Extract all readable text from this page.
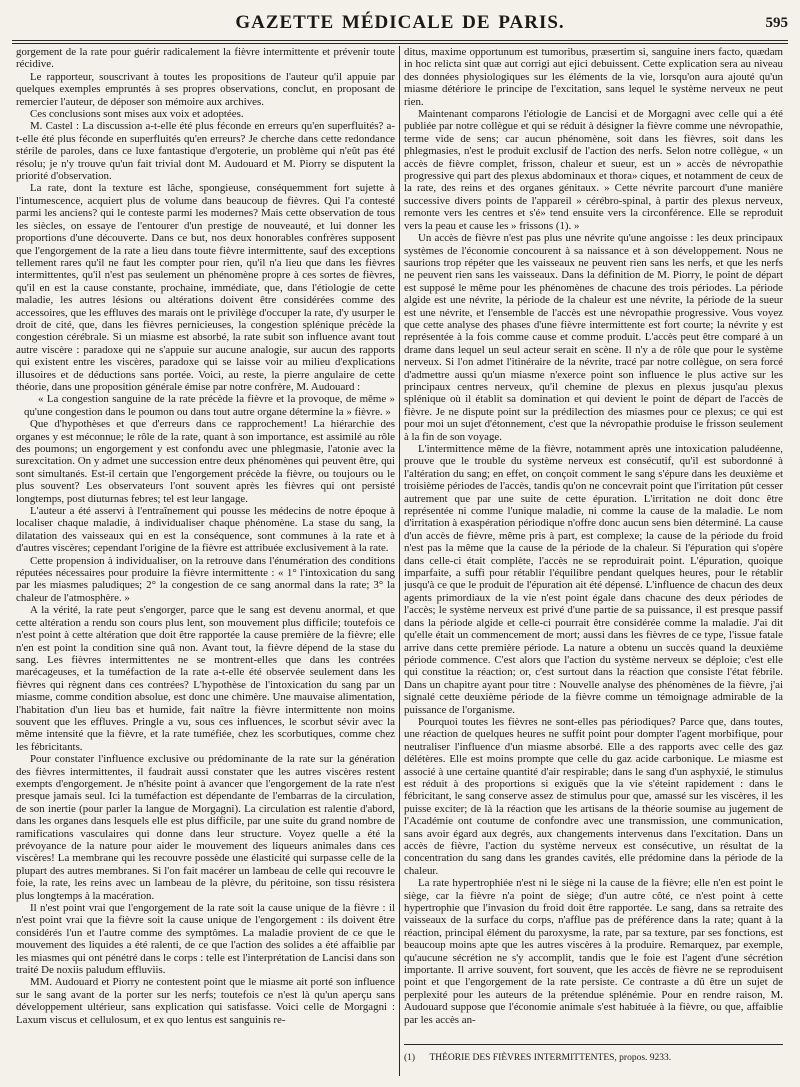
GAZETTE MÉDICALE DE PARIS.	595

gorgement de la rate pour guérir radicalement la fièvre intermittente et prévenir toute récidive.

Le rapporteur, souscrivant à toutes les propositions de l'auteur qu'il appuie par quelques exemples empruntés à ses propres observations, conclut, en proposant de remercier l'auteur, de déposer son mémoire aux archives.

Ces conclusions sont mises aux voix et adoptées.

M. Castel : La discussion a-t-elle été plus féconde en erreurs qu'en superfluités? a-t-elle été plus féconde en superfluités qu'en erreurs? Je cherche dans cette redondance stérile de paroles, dans ce luxe fantastique d'ergoterie, un problème qui n'eût pas été résolu; je n'y trouve qu'un fait trivial dont M. Audouard et M. Piorry se disputent la priorité d'observation.

La rate, dont la texture est lâche, spongieuse, conséquemment fort sujette à l'intumescence, acquiert plus de volume dans beaucoup de fièvres. Qui l'a contesté parmi les anciens? qui le conteste parmi les modernes? Mais cette observation de tous les siècles, on essaye de l'entourer d'un prestige de nouveauté, et lui donner les proportions d'une découverte. Dans ce but, nos deux honorables confrères supposent que l'engorgement de la rate a lieu dans toute fièvre intermittente, sauf des exceptions tellement rares qu'il ne faut les compter pour rien, qu'il n'a lieu que dans les fièvres intermittentes, qu'il n'est pas seulement un phénomène propre à ces sortes de fièvres, qu'il en est la cause constante, prochaine, immédiate, que, dans l'étiologie de cette maladie, les autres lésions ou altérations doivent être considérées comme des accessoires, que les effluves des marais ont le privilège d'occuper la rate, d'y usurper le droit de cité, que, dans les fièvres pernicieuses, la congestion splénique précède la congestion cérébrale. Si un miasme est absorbé, la rate subit son influence avant tout autre viscère : paradoxe qui ne s'appuie sur aucune analogie, sur aucun des rapports qui existent entre les viscères, paradoxe qui se laisse voir au milieu d'explications illusoires et de déductions sans portée. Voici, au reste, la pierre angulaire de cette théorie, dans une proposition générale émise par notre confrère, M. Audouard :

« La congestion sanguine de la rate précède la fièvre et la provoque, de même » qu'une congestion dans le poumon ou dans tout autre organe détermine la » fièvre. »

Que d'hypothèses et que d'erreurs dans ce rapprochement! La hiérarchie des organes y est méconnue; le rôle de la rate, quant à son importance, est assimilé au rôle des poumons; un engorgement y est confondu avec une phlegmasie, l'atonie avec la surexcitation. On y admet une succession entre deux phénomènes qui peuvent être, qui sont simultanés. Est-il certain que l'engorgement précède la fièvre, ou toujours ou le plus souvent? Les observateurs l'ont souvent après les fièvres qui ont persisté longtemps, post diuturnas febres; tel est leur langage.

L'auteur a été asservi à l'entraînement qui pousse les médecins de notre époque à localiser chaque maladie, à individualiser chaque phénomène. La stase du sang, la dilatation des vaisseaux qui en est la conséquence, sont communes à la rate et à d'autres viscères; cependant l'origine de la fièvre est attribuée exclusivement à la rate.

Cette propension à individualiser, on la retrouve dans l'énumération des conditions réputées nécessaires pour produire la fièvre intermittente : « 1° l'intoxication du sang par les miasmes paludiques; 2° la congestion de ce sang anormal dans la rate; 3° la chaleur de l'atmosphère. »

A la vérité, la rate peut s'engorger, parce que le sang est devenu anormal, et que cette altération a rendu son cours plus lent, son mouvement plus difficile; toutefois ce n'est point à cette altération que doit être rapportée la cause première de la fièvre; elle n'en est point la condition sine quâ non. Avant tout, la fièvre dépend de la stase du sang. Les fièvres intermittentes ne se montrent-elles que dans les contrées marécageuses, et la tuméfaction de la rate a-t-elle été observée seulement dans les fièvres qui règnent dans ces contrées? L'hypothèse de l'intoxication du sang par un miasme, comme condition absolue, est donc une chimère. Une mauvaise alimentation, l'habitation d'un lieu bas et humide, fait naître la fièvre intermittente non moins souvent que les effluves. Pringle a vu, sous ces influences, le scorbut sévir avec la même intensité que la fièvre, et la rate tuméfiée, chez les scorbutiques, comme chez les fébricitants.

Pour constater l'influence exclusive ou prédominante de la rate sur la génération des fièvres intermittentes, il faudrait aussi constater que les autres viscères restent exempts d'engorgement. Je n'hésite point à avancer que l'engorgement de la rate n'est presque jamais seul. Ici la tuméfaction est dépendante de l'embarras de la circulation, de son inertie (pour parler la langue de Morgagni). La circulation est ralentie d'abord, dans les organes dans lesquels elle est plus difficile, par une suite du grand nombre de ramifications vasculaires qui donne dans leur structure. Voyez quelle a été la prévoyance de la nature pour aider le mouvement des liqueurs animales dans ces viscères! La membrane qui les recouvre possède une élasticité qui surpasse celle de la plupart des autres membranes. Si l'on fait macérer un lambeau de celle qui recouvre le foie, la rate, les reins avec un lambeau de la plèvre, du péritoine, son tissu résistera plus longtemps à la macération.

Il n'est point vrai que l'engorgement de la rate soit la cause unique de la fièvre : il n'est point vrai que la fièvre soit la cause unique de l'engorgement : ils doivent être considérés l'un et l'autre comme des symptômes. La maladie provient de ce que le mouvement des liquides a été ralenti, de ce que l'action des solides a été affaiblie par les miasmes qui ont pénétré dans le corps : telle est l'interprétation de Lancisi dans son traité De noxiis paludum effluviis.

MM. Audouard et Piorry ne contestent point que le miasme ait porté son influence sur le sang avant de la porter sur les nerfs; toutefois ce n'est là qu'un aperçu sans développement ultérieur, sans explication qui satisfasse. Voici celle de Morgagni : Laxum viscus et cellulosum, et ex quo lentus est sanguinis re-

ditus, maxime opportunum est tumoribus, præsertim si, sanguine iners facto, quædam in hoc relicta sint quæ aut corrigi aut ejici debuissent. Cette explication sera au niveau des données physiologiques sur les éléments de la vie, lorsqu'on aura ajouté qu'un miasme détériore le principe de l'excitation, sans lequel le système nerveux ne peut rien.

Maintenant comparons l'étiologie de Lancisi et de Morgagni avec celle qui a été publiée par notre collègue et qui se réduit à désigner la fièvre comme une névropathie, terme vide de sens; car aucun phénomène, soit dans les fièvres, soit dans les phlegmasies, n'est le produit exclusif de l'action des nerfs. Selon notre collègue, « un accès de fièvre complet, frisson, chaleur et sueur, est un » accès de névropathie progressive qui part des plexus abdominaux et thora» ciques, et notamment de ceux de la rate, des reins et des organes génitaux. » Cette névrite parcourt d'une manière successive divers points de l'appareil » cérébro-spinal, à partir des plexus nerveux, remonte vers les centres et s'é» tend ensuite vers la circonférence. Elle se reproduit vers la peau et cause les » frissons (1). »

Un accès de fièvre n'est pas plus une névrite qu'une angoisse : les deux principaux systèmes de l'économie concourent à sa naissance et à son développement. Nous ne saurions trop répéter que les vaisseaux ne peuvent rien sans les nerfs, et que les nerfs ne peuvent rien sans les vaisseaux. Dans la définition de M. Piorry, le point de départ est supposé le même pour les phénomènes de chacune des trois périodes. La période algide est une névrite, la période de la chaleur est une névrite, la période de la sueur est une névrite, et l'ensemble de l'accès est une névropathie progressive. Vous voyez que cette analyse des phases d'une fièvre intermittente est fort courte; la névrite y est représentée à la fois comme cause et comme produit. L'accès peut être comparé à un drame dans lequel un seul acteur serait en scène. Il n'y a de rôle que pour le système nerveux. Si l'on admet l'itinéraire de la névrite, tracé par notre collègue, on sera forcé d'admettre aussi qu'un miasme n'exerce point son influence le plus active sur les principaux centres nerveux, qu'il chemine de plexus en plexus jusqu'au plexus splénique où il établit sa domination et qui devient le point de départ de l'accès de fièvre. Je ne dispute point sur la prédilection des miasmes pour ce plexus; ce qui est pour moi un sujet d'étonnement, c'est que la névropathie produise le frisson seulement à la fin de son voyage.

L'intermittence même de la fièvre, notamment après une intoxication paludéenne, prouve que le trouble du système nerveux est consécutif, qu'il est subordonné à l'altération du sang; en effet, on conçoit comment le sang s'épure dans les deuxième et troisième périodes de l'accès, tandis qu'on ne concevrait point que l'irritation pût cesser autrement que par une suite de cette épuration. L'irritation ne doit donc être représentée ni comme l'unique maladie, ni comme la cause de la maladie. Le nom d'irritation à exaspération périodique n'offre donc aucun sens bien déterminé. La cause d'un accès de fièvre, même pris à part, est complexe; la cause de la période du froid n'est pas la même que la cause de la période de la chaleur. Si l'épuration qui s'opère dans celle-ci était complète, l'accès ne se reproduirait point. L'épuration, quoique imparfaite, a suffi pour rétablir l'équilibre pendant quelques heures, pour le rétablir jusqu'à ce que le produit de l'épuration ait été dépensé. L'influence de chacun des deux agents primordiaux de la vie n'est point égale dans chacune des deux périodes de l'accès; le système nerveux est privé d'une partie de sa puissance, il est presque passif dans la période algide et celle-ci pourrait être considérée comme la maladie. J'ai dit qu'elle était un commencement de mort; aussi dans les fièvres de ce type, l'issue fatale arrive dans cette première période. La nature a obtenu un succès quand la deuxième période commence. C'est alors que l'action du système nerveux se déploie; c'est elle qui constitue la réaction; or, c'est surtout dans la réaction que consiste l'état fébrile. Dans un chapitre ayant pour titre : Nouvelle analyse des phénomènes de la fièvre, j'ai signalé cette deuxième période de la fièvre comme un témoignage admirable de la puissance de l'organisme.

Pourquoi toutes les fièvres ne sont-elles pas périodiques? Parce que, dans toutes, une réaction de quelques heures ne suffit point pour dompter l'agent morbifique, pour neutraliser l'influence d'un miasme absorbé. Elle a des rapports avec celle des gaz délétères. Elle est moins prompte que celle du gaz acide carbonique. Le miasme est associé à une certaine quantité d'air respirable; dans le sang d'un asphyxié, le stimulus est réduit à des proportions si exiguës que la vie s'éteint rapidement : dans le fébricitant, le sang conserve assez de stimulus pour que, amassé sur les viscères, il les puisse exciter; de là la réaction que les artisans de la théorie soumise au jugement de l'Académie ont coutume de confondre avec une transmission, une communication, sans avoir égard aux degrés, aux changements intervenus dans l'excitation. Dans un accès de fièvre, l'action du système nerveux est consécutive, un résultat de la concentration du sang dans les grandes cavités, elle prédomine dans la période de la chaleur.

La rate hypertrophiée n'est ni le siège ni la cause de la fièvre; elle n'en est point le siège, car la fièvre n'a point de siège; d'un autre côté, ce n'est point à cette hypertrophie que l'invasion du froid doit être rapportée. Le sang, dans sa retraite des vaisseaux de la surface du corps, n'afflue pas de préférence dans la rate; quant à la réaction, principal élément du paroxysme, la rate, par sa texture, par ses fonctions, est beaucoup moins apte que les autres viscères à la produire. Remarquez, par exemple, qu'aucune sécrétion ne s'y accomplit, tandis que le foie est l'agent d'une sécrétion importante. Il arrive souvent, fort souvent, que les accès de fièvre ne se reproduisent point et que l'engorgement de la rate persiste. Ce contraste a dû être un sujet de perplexité pour les auteurs de la prétendue splénémie. Pour en rendre raison, M. Audouard suppose que l'économie animale s'est habituée à la fièvre, ou que, affaiblie par les accès an-

(1) THÉORIE DES FIÈVRES INTERMITTENTES, propos. 9233.
